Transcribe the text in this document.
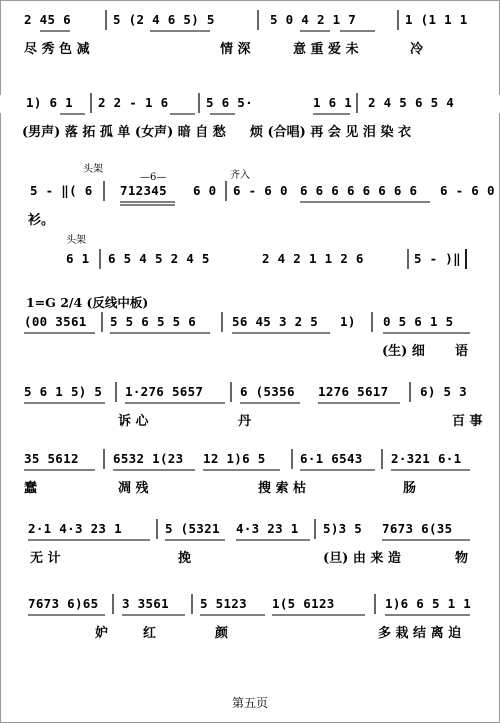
2 45 6	5 (2 4 6 5) 5	5 0 4 2 1 7	1 (1 1 1
尽 秀 色 减	情 深	意 重 爱 未	冷
1) 6 1 2 2 - 1 6	5 6 5·	1 6 1 2 4 5 6 5 4
(男声) 落 拓 孤 单 (女声) 暗 自 愁 烦 (合唱) 再 会 见 泪 染 衣
5 - ‖( 6 712345 6 0 6 - 6 0 6 6 6 6 6 6 6 6 6 - 6 0
衫。
头架
—6—	齐入
6 1 6 5 4 5 2 4 5	2 4 2 1 1 2 6	5 - )‖
头架
1=G 2/4 (反线中板)
(00 3561 5 5 6 5 5 6	56 45 3 2 5 1) 0 5 6 1 5
(生) 细 语
5 6 1 5) 5 1·276 5657	6 (5356 1276 5617	6) 5 3
诉 心	丹	百 事
35 5612	6532 1(23 12 1)6 5	6·1 6543 2·321 6·1
蠢	凋 残	搜 索 枯	肠
2·1 4·3 23 1	5 (5321 4·3 23 1 5)3 5 7673 6(35
无 计	挽	(旦) 由 来 造	物
7673 6)65 3 3561 5 5123 1(5 6123	1)6 6 5 1 1
妒	红	颜	多 栽 结 离 迫
第五页
